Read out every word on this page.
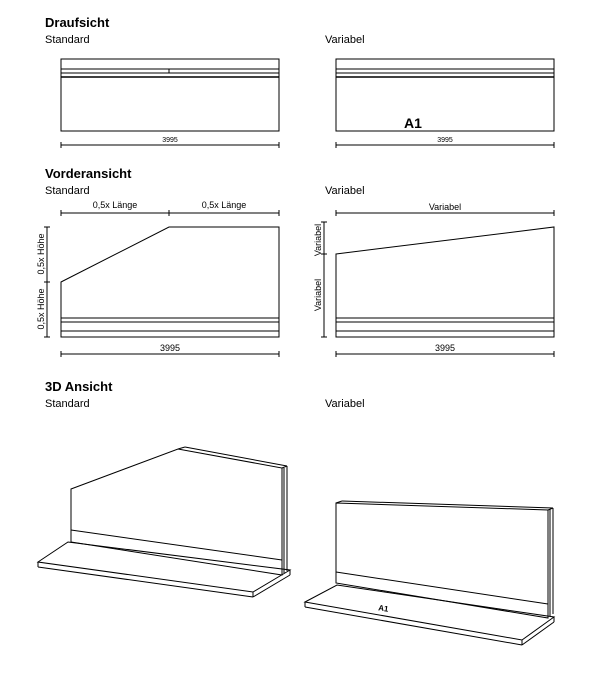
Draufsicht
Standard	Variabel
Vorderansicht
Standard	Variabel
3D Ansicht
Standard	Variabel
3995	3995
A1
0,5x Länge	0,5x Länge
0,5x Höhe
0,5x Höhe
3995
Variabel
Variabel
Variabel
3995
A1
